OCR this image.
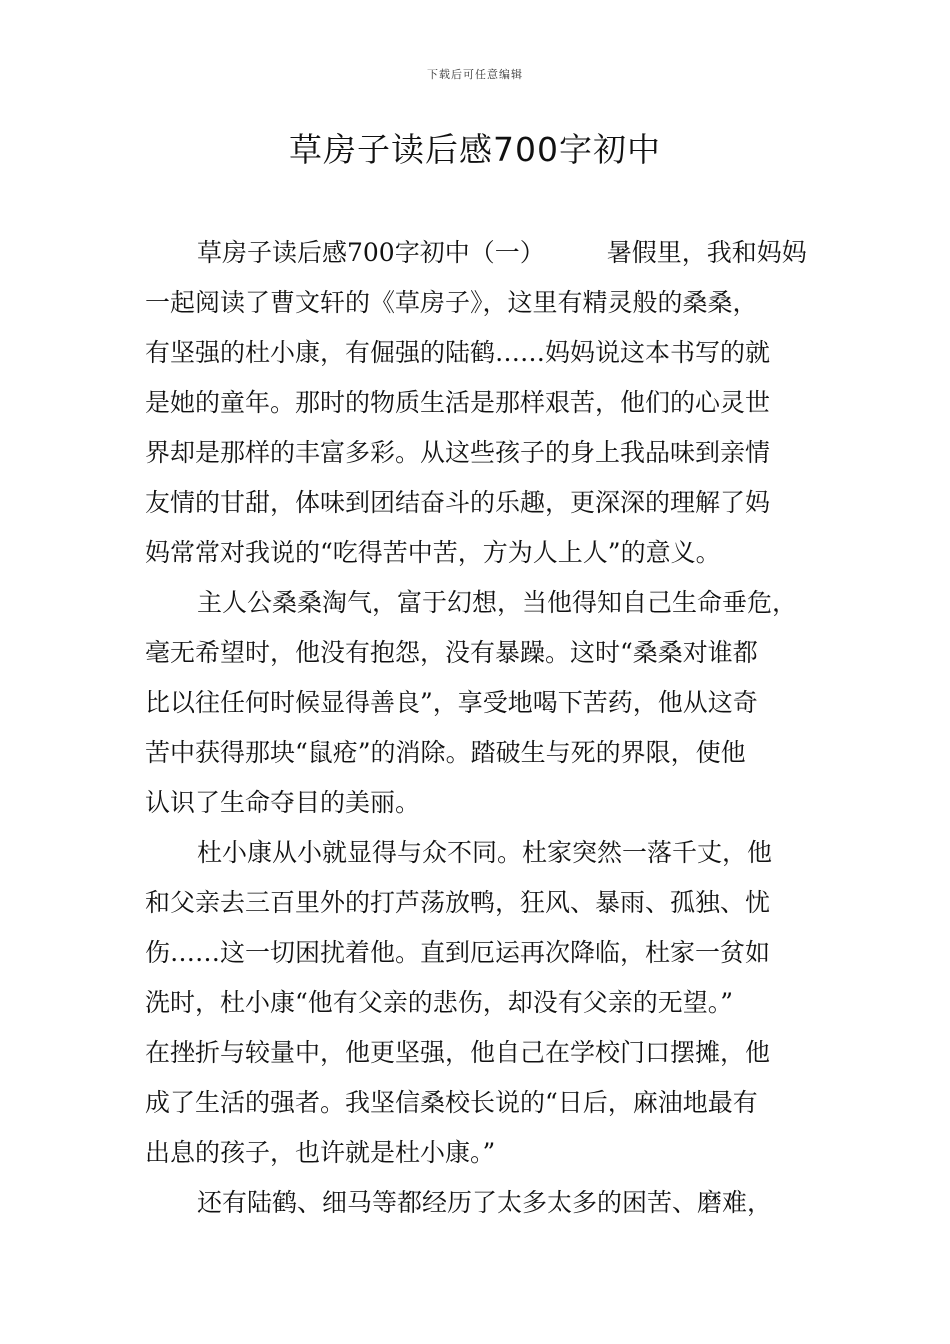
下载后可任意编辑
草房子读后感700字初中
草房子读后感700字初中（一） 暑假里，我和妈妈
一起阅读了曹文轩的《草房子》，这里有精灵般的桑桑，
有坚强的杜小康，有倔强的陆鹤……妈妈说这本书写的就
是她的童年。那时的物质生活是那样艰苦，他们的心灵世
界却是那样的丰富多彩。从这些孩子的身上我品味到亲情
友情的甘甜，体味到团结奋斗的乐趣，更深深的理解了妈
妈常常对我说的“吃得苦中苦，方为人上人”的意义。
主人公桑桑淘气，富于幻想，当他得知自己生命垂危，
毫无希望时，他没有抱怨，没有暴躁。这时“桑桑对谁都
比以往任何时候显得善良”，享受地喝下苦药，他从这奇
苦中获得那块“鼠疮”的消除。踏破生与死的界限，使他
认识了生命夺目的美丽。
杜小康从小就显得与众不同。杜家突然一落千丈，他
和父亲去三百里外的打芦荡放鸭，狂风、暴雨、孤独、忧
伤……这一切困扰着他。直到厄运再次降临，杜家一贫如
洗时，杜小康“他有父亲的悲伤，却没有父亲的无望。”
在挫折与较量中，他更坚强，他自己在学校门口摆摊，他
成了生活的强者。我坚信桑校长说的“日后，麻油地最有
出息的孩子，也许就是杜小康。”
还有陆鹤、细马等都经历了太多太多的困苦、磨难，
